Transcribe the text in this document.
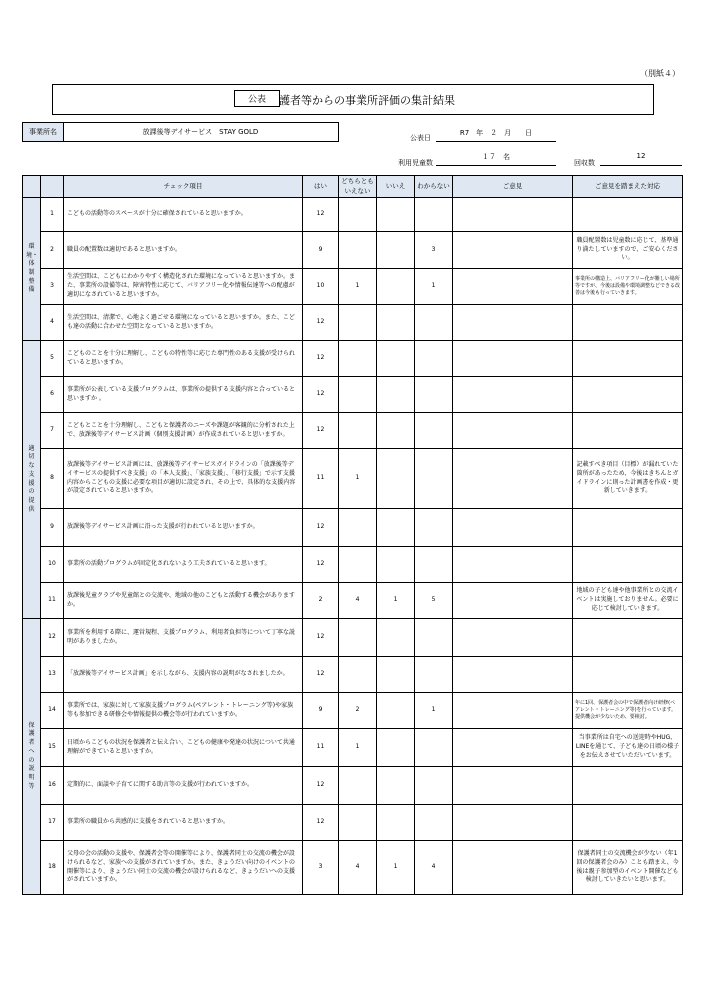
（別紙４）
公表	護者等からの事業所評価の集計結果
事業所名	放課後等デイサービス　STAY GOLD
公表日
R7　年　２　月　　日
利用児童数
１７　名
回収数
12
		チェック項目	はい	どちらともいえない	いいえ	わからない	ご意見	ご意見を踏まえた対応
環境・体制整備	1	こどもの活動等のスペースが十分に確保されていると思いますか。	12					
	2	職員の配置数は適切であると思いますか。	9			3		職員配置数は児童数に応じて、基準通り満たしていますので、ご安心ください。
	3	生活空間は、こどもにわかりやすく構造化された環境になっていると思いますか。また、事業所の設備等は、障害特性に応じて、バリアフリー化や情報伝達等への配慮が適切になされていると思いますか。	10	1		1		事業所の構造上、バリアフリー化が難しい場所等ですが、今後は設備や環境調整などできる改善は今後も行っていきます。
	4	生活空間は、清潔で、心地よく過ごせる環境になっていると思いますか。また、こども達の活動に合わせた空間となっていると思いますか。	12					
適切な支援の提供	5	こどものことを十分に理解し、こどもの特性等に応じた専門性のある支援が受けられていると思いますか。	12					
	6	事業所が公表している支援プログラムは、事業所の提供する支援内容と合っていると思いますか 。	12					
	7	こどもとことを十分理解し、こどもと保護者のニーズや課題が客観的に分析された上で、放課後等デイサービス計画（個別支援計画）が作成されていると思いますか。	12					
	8	放課後等デイサービス計画には、放課後等デイサービスガイドラインの「放課後等デイサービスの提供すべき支援」の「本人支援」、「家族支援」、「移行支援」で示す支援内容からこどもの支援に必要な項目が適切に設定され、その上で、具体的な支援内容が設定されていると思いますか。	11	1				記載すべき項目（目標）が漏れていた箇所があったため、今後はきちんとガイドラインに則った計画書を作成・更新していきます。
	9	放課後等デイサービス計画に沿った支援が行われていると思いますか。	12					
	10	事業所の活動プログラムが固定化されないよう工夫されていると思います。	12					
	11	放課後児童クラブや児童館との交流や、地域の他のこどもと活動する機会がありますか。	2	4	1	5		地域の子ども達や他事業所との交流イベントは実施しておりません。必要に応じて検討していきます。
保護者への説明等	12	事業所を利用する際に、運営規程、支援プログラム、利用者負担等について丁寧な説明がありましたか。	12					
	13	「放課後等デイサービス計画」を示しながら、支援内容の説明がなされましたか。	12					
	14	事業所では、家族に対して家族支援プログラム(ペアレント・トレーニング等)や家族等も参加できる研修会や情報提供の機会等が行われていますか。	9	2		1		年に1回、保護者会の中で保護者向け研修(ペアレント・トレーニング等)を行っています。提供機会が少ないため、要検討。
	15	日頃からこどもの状況を保護者と伝え合い、こどもの健康や発達の状況について共通理解ができていると思いますか。	11	1				当事業所は自宅への送迎時やHUG、LINEを通じて、子ども達の日頃の様子をお伝えさせていただいています。
	16	定期的に、面談や子育てに関する助言等の支援が行われていますか。	12					
	17	事業所の職員から共感的に支援をされていると思いますか。	12					
	18	父母の会の活動の支援や、保護者会等の開催等により、保護者同士の交流の機会が設けられるなど、家族への支援がされていますか。また、きょうだい向けのイベントの開催等により、きょうだい同士の交流の機会が設けられるなど、きょうだいへの支援がされていますか。	3	4	1	4		保護者同士の交流機会が少ない（年1回の保護者会のみ）ことも踏まえ、今後は親子参加型のイベント開催なども検討していきたいと思います。
